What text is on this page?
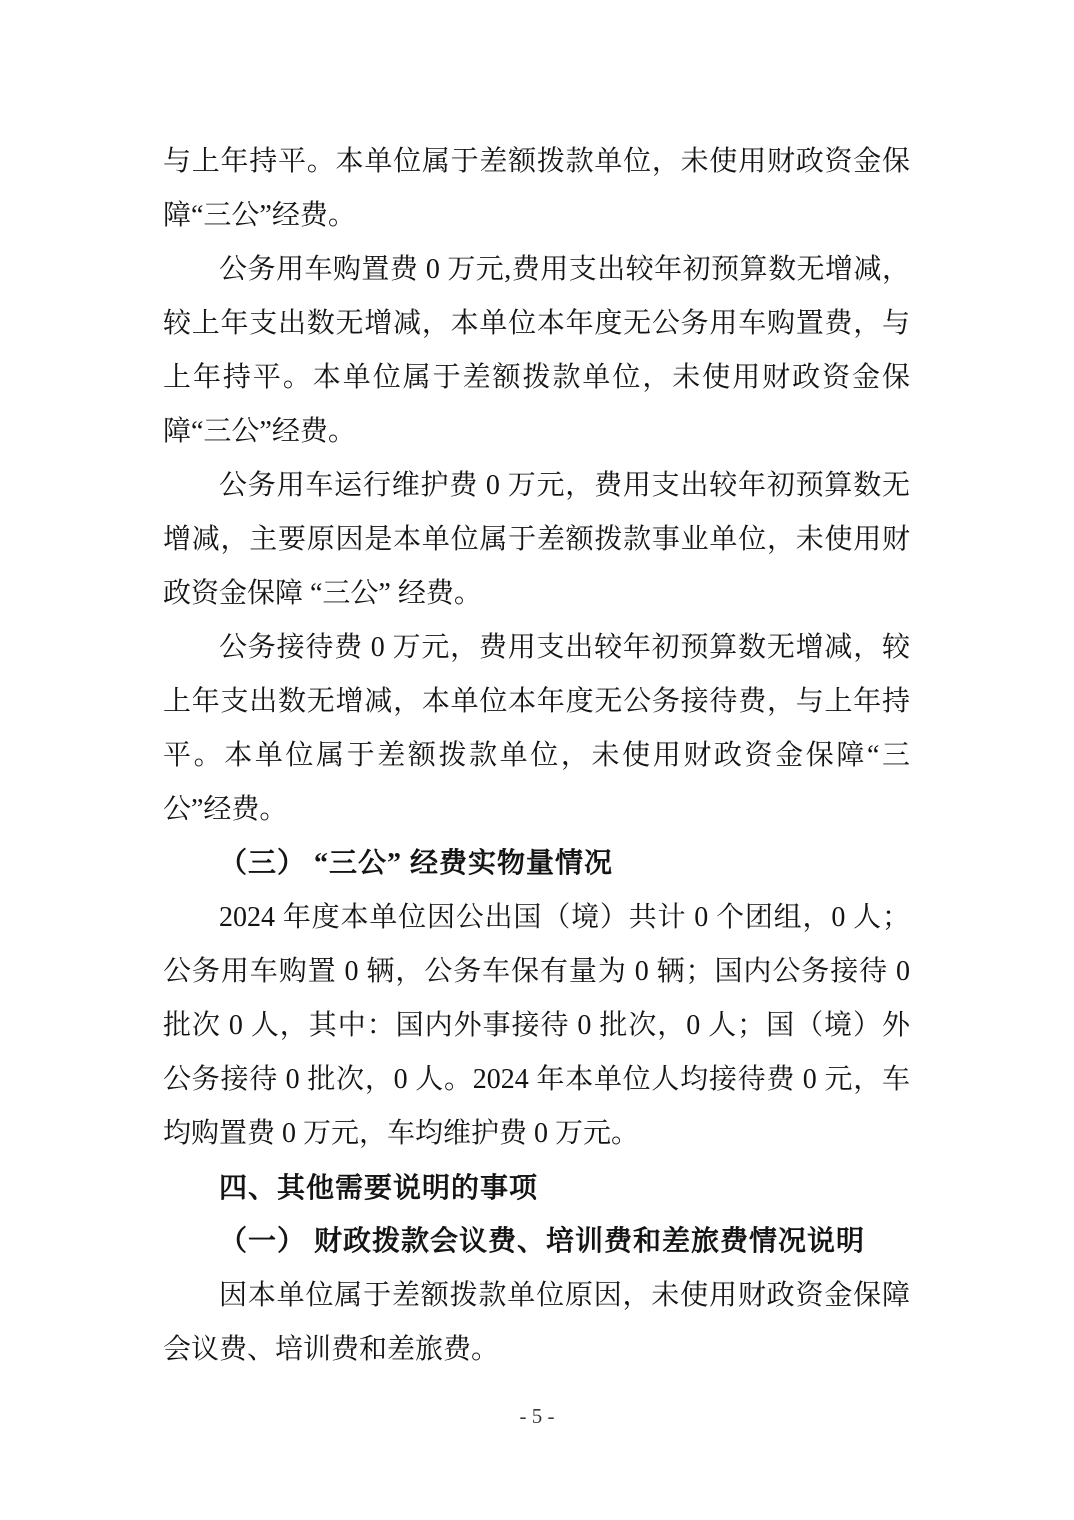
与上年持平。本单位属于差额拨款单位，未使用财政资金保障“三公”经费。

公务用车购置费 0 万元,费用支出较年初预算数无增减，较上年支出数无增减，本单位本年度无公务用车购置费，与上年持平。本单位属于差额拨款单位，未使用财政资金保障“三公”经费。

公务用车运行维护费 0 万元，费用支出较年初预算数无增减，主要原因是本单位属于差额拨款事业单位，未使用财政资金保障 “三公” 经费。

公务接待费 0 万元，费用支出较年初预算数无增减，较上年支出数无增减，本单位本年度无公务接待费，与上年持平。本单位属于差额拨款单位，未使用财政资金保障“三公”经费。

（三） “三公” 经费实物量情况

2024 年度本单位因公出国（境）共计 0 个团组，0 人；公务用车购置 0 辆，公务车保有量为 0 辆；国内公务接待 0 批次 0 人，其中：国内外事接待 0 批次，0 人；国（境）外公务接待 0 批次，0 人。2024 年本单位人均接待费 0 元，车均购置费 0 万元，车均维护费 0 万元。

四、其他需要说明的事项

（一） 财政拨款会议费、培训费和差旅费情况说明

因本单位属于差额拨款单位原因，未使用财政资金保障会议费、培训费和差旅费。

- 5 -
